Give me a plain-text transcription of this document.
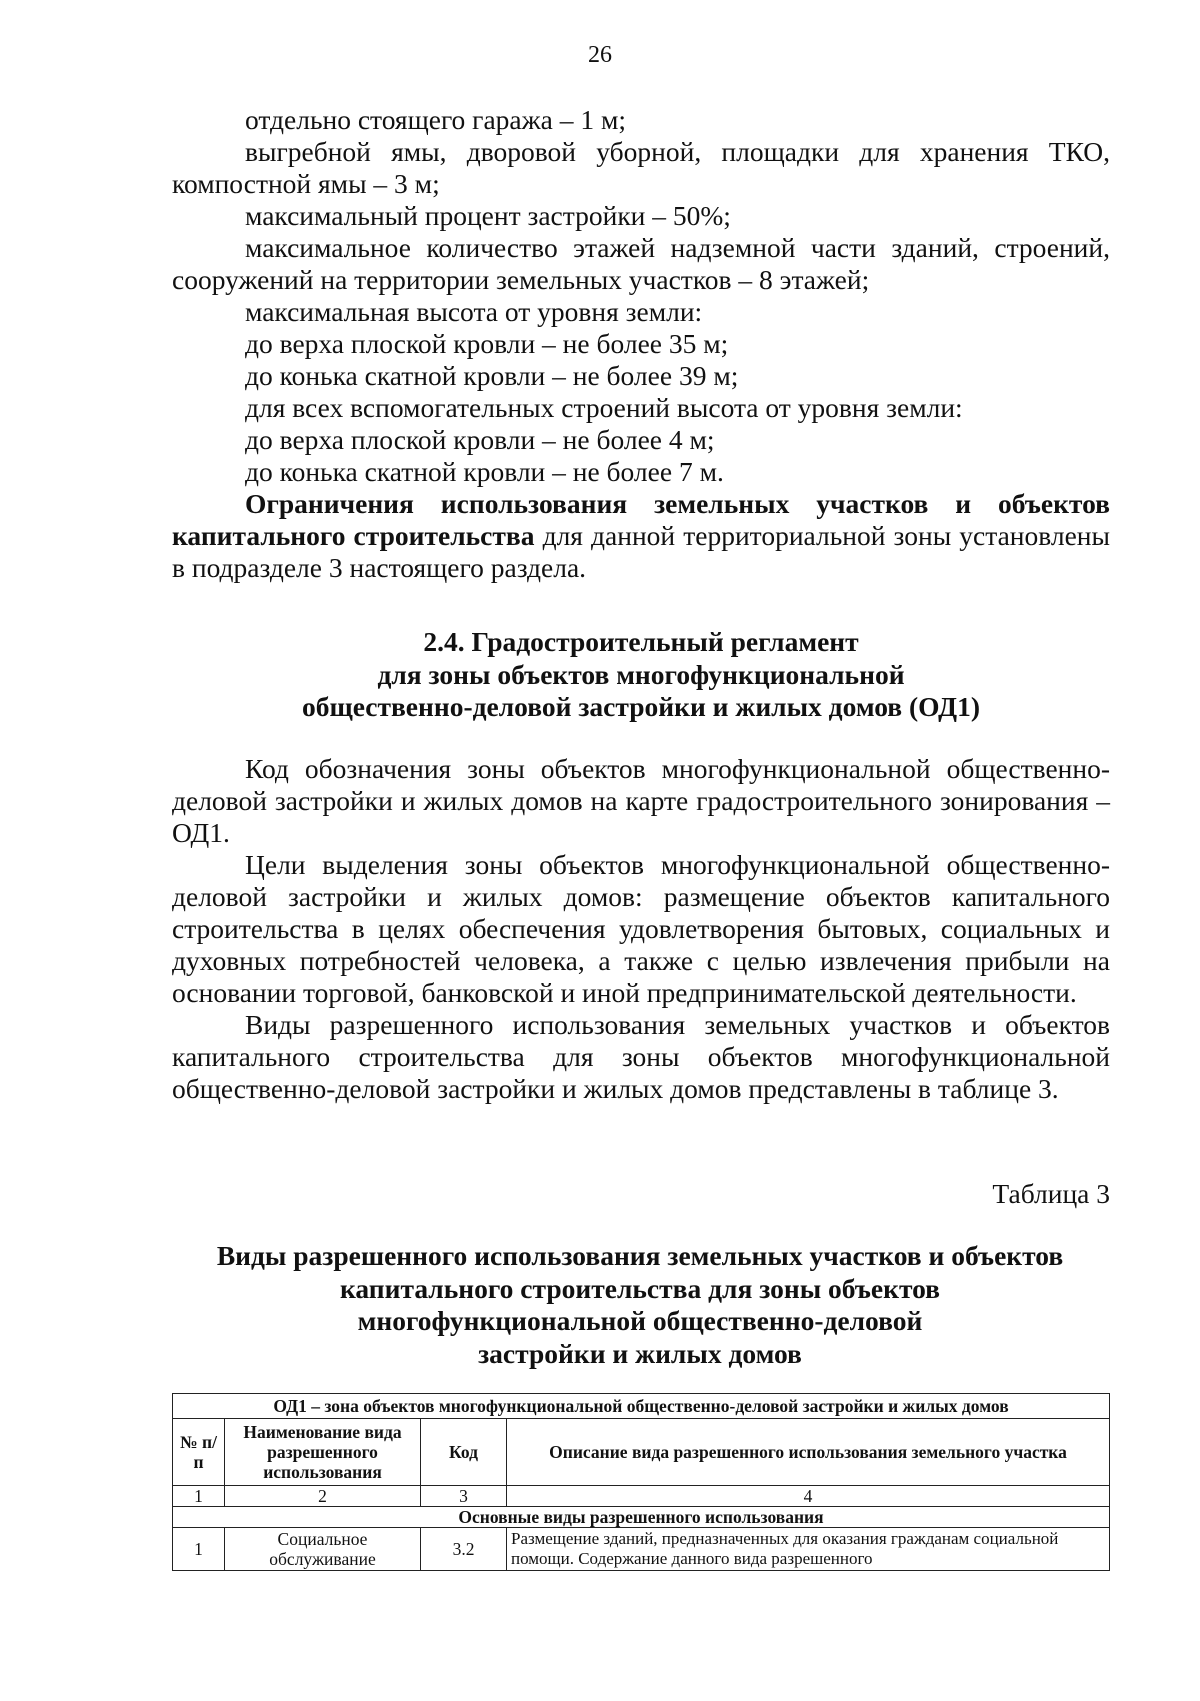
26

отдельно стоящего гаража – 1 м;

выгребной ямы, дворовой уборной, площадки для хранения ТКО, компостной ямы – 3 м;

максимальный процент застройки – 50%;

максимальное количество этажей надземной части зданий, строений, сооружений на территории земельных участков – 8 этажей;

максимальная высота от уровня земли:

до верха плоской кровли – не более 35 м;

до конька скатной кровли – не более 39 м;

для всех вспомогательных строений высота от уровня земли:

до верха плоской кровли – не более 4 м;

до конька скатной кровли – не более 7 м.

Ограничения использования земельных участков и объектов капитального строительства для данной территориальной зоны установлены в подразделе 3 настоящего раздела.

2.4. Градостроительный регламент
для зоны объектов многофункциональной
общественно-деловой застройки и жилых домов (ОД1)

Код обозначения зоны объектов многофункциональной общественно-деловой застройки и жилых домов на карте градостроительного зонирования – ОД1.

Цели выделения зоны объектов многофункциональной общественно-деловой застройки и жилых домов: размещение объектов капитального строительства в целях обеспечения удовлетворения бытовых, социальных и духовных потребностей человека, а также с целью извлечения прибыли на основании торговой, банковской и иной предпринимательской деятельности.

Виды разрешенного использования земельных участков и объектов капитального строительства для зоны объектов многофункциональной общественно-деловой застройки и жилых домов представлены в таблице 3.

Таблица 3
Виды разрешенного использования земельных участков и объектов
капитального строительства для зоны объектов
многофункциональной общественно-деловой
застройки и жилых домов
ОД1 – зона объектов многофункциональной общественно-деловой застройки и жилых домов			
№ п/п	Наименование вида разрешенного использования	Код	Описание вида разрешенного использования земельного участка
1	2	3	4
Основные виды разрешенного использования			
1	Социальное обслуживание	3.2	Размещение зданий, предназначенных для оказания гражданам социальной помощи. Содержание данного вида разрешенного
